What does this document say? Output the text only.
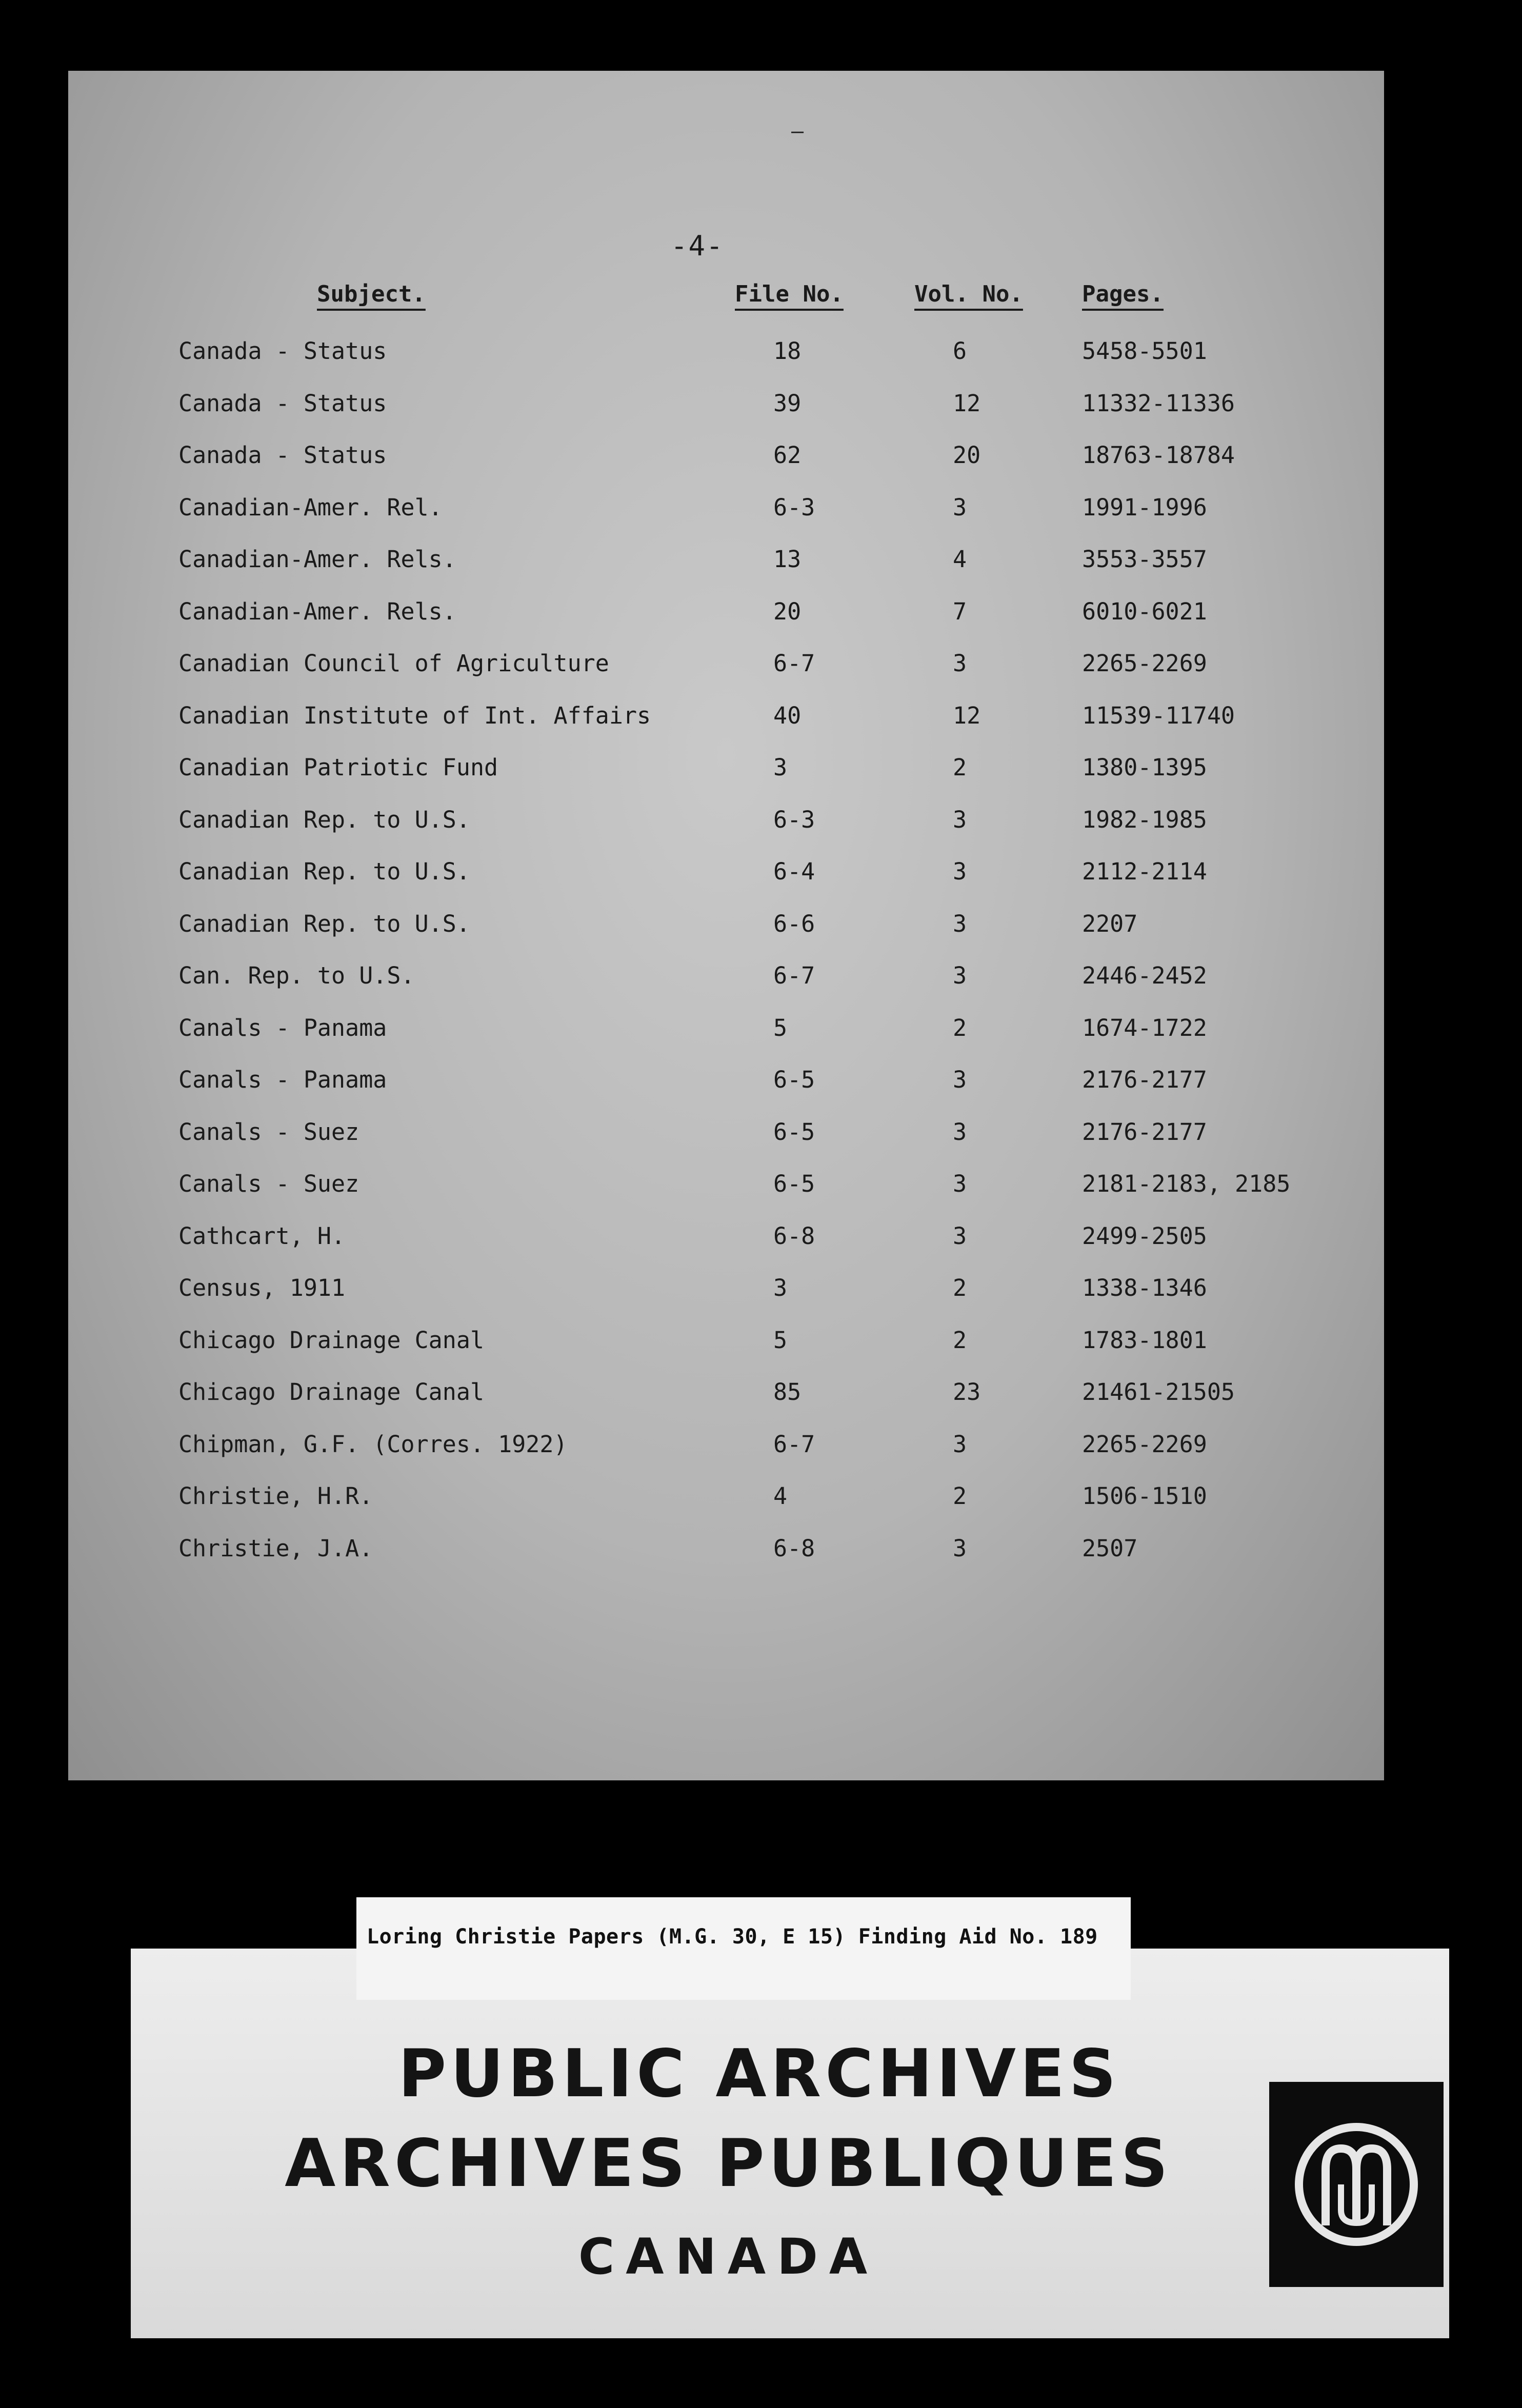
‒
-4-
Subject.	File No.	Vol. No.	Pages.
Canada - Status	18	6	5458-5501
Canada - Status	39	12	11332-11336
Canada - Status	62	20	18763-18784
Canadian-Amer. Rel.	6-3	3	1991-1996
Canadian-Amer. Rels.	13	4	3553-3557
Canadian-Amer. Rels.	20	7	6010-6021
Canadian Council of Agriculture	6-7	3	2265-2269
Canadian Institute of Int. Affairs	40	12	11539-11740
Canadian Patriotic Fund	3	2	1380-1395
Canadian Rep. to U.S.	6-3	3	1982-1985
Canadian Rep. to U.S.	6-4	3	2112-2114
Canadian Rep. to U.S.	6-6	3	2207
Can. Rep. to U.S.	6-7	3	2446-2452
Canals - Panama	5	2	1674-1722
Canals - Panama	6-5	3	2176-2177
Canals - Suez	6-5	3	2176-2177
Canals - Suez	6-5	3	2181-2183, 2185
Cathcart, H.	6-8	3	2499-2505
Census, 1911	3	2	1338-1346
Chicago Drainage Canal	5	2	1783-1801
Chicago Drainage Canal	85	23	21461-21505
Chipman, G.F. (Corres. 1922)	6-7	3	2265-2269
Christie, H.R.	4	2	1506-1510
Christie, J.A.	6-8	3	2507
PUBLIC ARCHIVES
ARCHIVES PUBLIQUES
CANADA
Loring Christie Papers (M.G. 30, E 15) Finding Aid No. 189
